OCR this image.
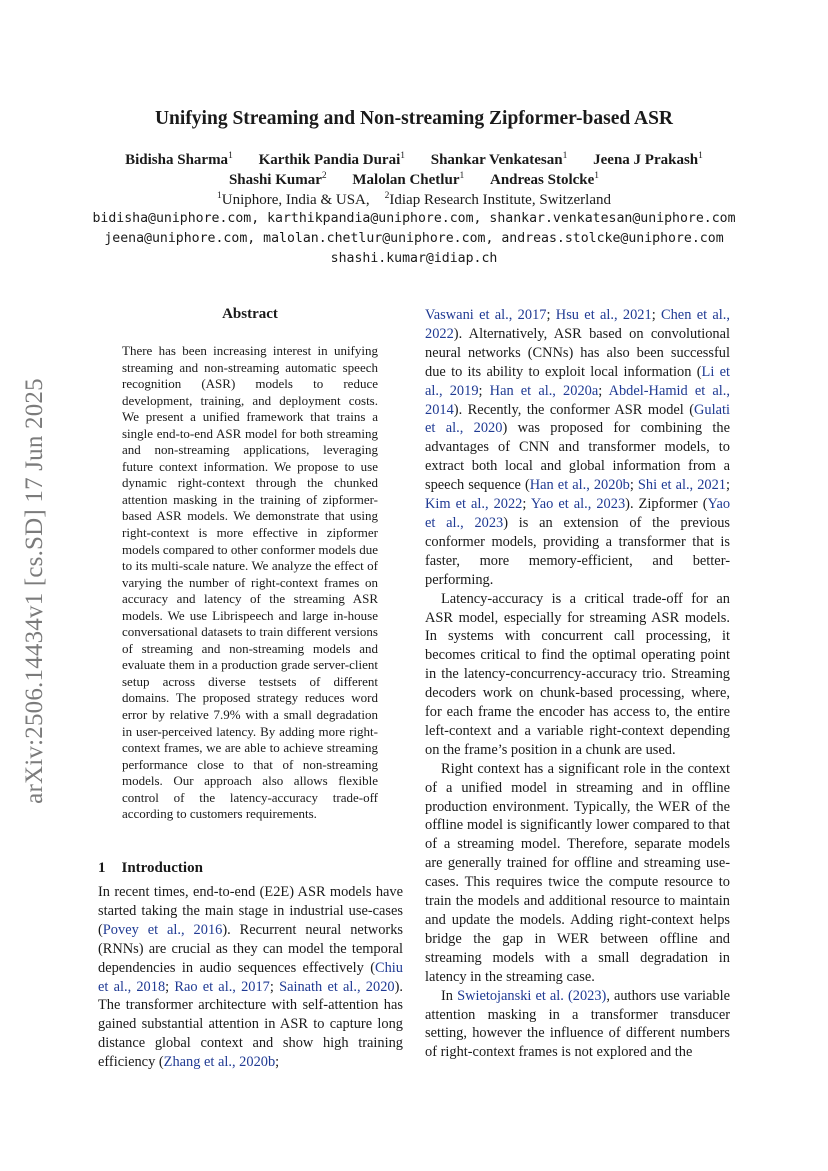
Unifying Streaming and Non-streaming Zipformer-based ASR
Bidisha Sharma$^1$ Karthik Pandia Durai$^1$ Shankar Venkatesan$^1$ Jeena J Prakash$^1$
Shashi Kumar$^2$ Malolan Chetlur$^1$ Andreas Stolcke$^1$
$^1$Uniphore, India & USA, $^2$Idiap Research Institute, Switzerland
bidisha@uniphore.com, karthikpandia@uniphore.com, shankar.venkatesan@uniphore.com
jeena@uniphore.com, malolan.chetlur@uniphore.com, andreas.stolcke@uniphore.com
shashi.kumar@idiap.ch
arXiv:2506.14434v1 [cs.SD] 17 Jun 2025
Abstract
There has been increasing interest in unifying streaming and non-streaming automatic speech recognition (ASR) models to reduce development, training, and deployment costs. We present a unified framework that trains a single end-to-end ASR model for both streaming and non-streaming applications, leveraging future context information. We propose to use dynamic right-context through the chunked attention masking in the training of zipformer-based ASR models. We demonstrate that using right-context is more effective in zipformer models compared to other conformer models due to its multi-scale nature. We analyze the effect of varying the number of right-context frames on accuracy and latency of the streaming ASR models. We use Librispeech and large in-house conversational datasets to train different versions of streaming and non-streaming models and evaluate them in a production grade server-client setup across diverse testsets of different domains. The proposed strategy reduces word error by relative 7.9% with a small degradation in user-perceived latency. By adding more right-context frames, we are able to achieve streaming performance close to that of non-streaming models. Our approach also allows flexible control of the latency-accuracy trade-off according to customers requirements.
1 Introduction

In recent times, end-to-end (E2E) ASR models have started taking the main stage in industrial use-cases (Povey et al., 2016). Recurrent neural networks (RNNs) are crucial as they can model the temporal dependencies in audio sequences effectively (Chiu et al., 2018; Rao et al., 2017; Sainath et al., 2020). The transformer architecture with self-attention has gained substantial attention in ASR to capture long distance global context and show high training efficiency (Zhang et al., 2020b;

Vaswani et al., 2017; Hsu et al., 2021; Chen et al., 2022). Alternatively, ASR based on convolutional neural networks (CNNs) has also been successful due to its ability to exploit local information (Li et al., 2019; Han et al., 2020a; Abdel-Hamid et al., 2014). Recently, the conformer ASR model (Gulati et al., 2020) was proposed for combining the advantages of CNN and transformer models, to extract both local and global information from a speech sequence (Han et al., 2020b; Shi et al., 2021; Kim et al., 2022; Yao et al., 2023). Zipformer (Yao et al., 2023) is an extension of the previous conformer models, providing a transformer that is faster, more memory-efficient, and better-performing.

Latency-accuracy is a critical trade-off for an ASR model, especially for streaming ASR models. In systems with concurrent call processing, it becomes critical to find the optimal operating point in the latency-concurrency-accuracy trio. Streaming decoders work on chunk-based processing, where, for each frame the encoder has access to, the entire left-context and a variable right-context depending on the frame’s position in a chunk are used.

Right context has a significant role in the context of a unified model in streaming and in offline production environment. Typically, the WER of the offline model is significantly lower compared to that of a streaming model. Therefore, separate models are generally trained for offline and streaming use-cases. This requires twice the compute resource to train the models and additional resource to maintain and update the models. Adding right-context helps bridge the gap in WER between offline and streaming models with a small degradation in latency in the streaming case.

In Swietojanski et al. (2023), authors use variable attention masking in a transformer transducer setting, however the influence of different numbers of right-context frames is not explored and the
